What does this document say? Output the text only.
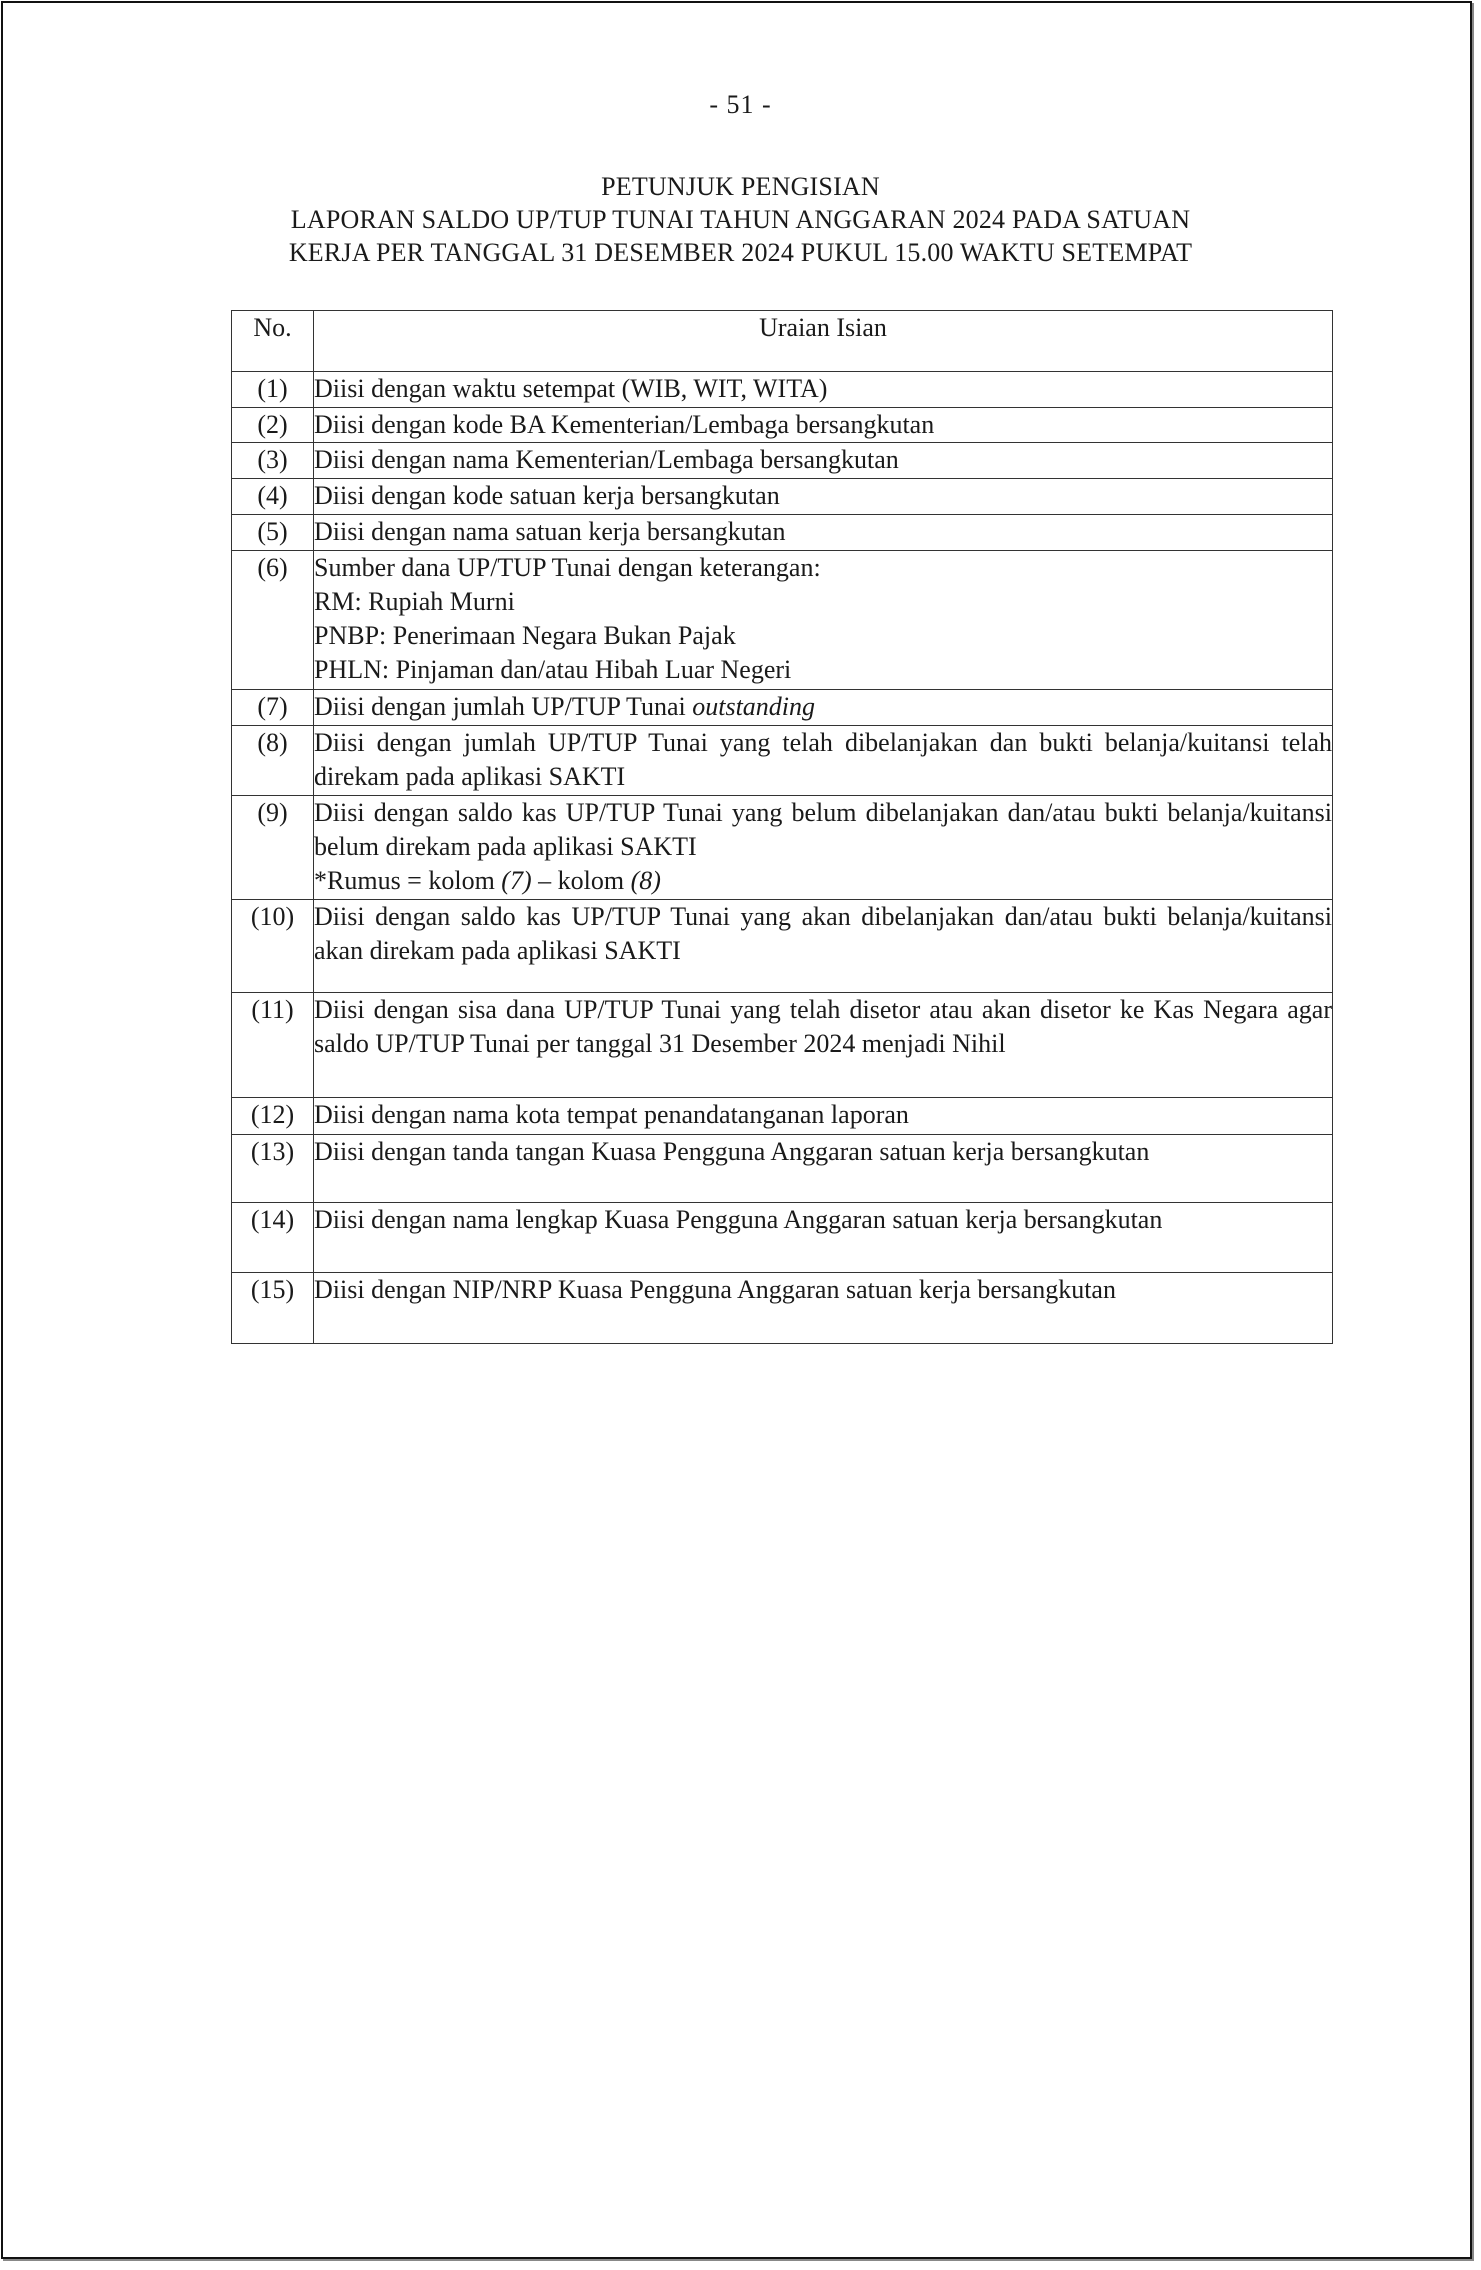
- 51 -
PETUNJUK PENGISIAN
LAPORAN SALDO UP/TUP TUNAI TAHUN ANGGARAN 2024 PADA SATUAN
KERJA PER TANGGAL 31 DESEMBER 2024 PUKUL 15.00 WAKTU SETEMPAT
No.	Uraian Isian
(1)	Diisi dengan waktu setempat (WIB, WIT, WITA)
(2)	Diisi dengan kode BA Kementerian/Lembaga bersangkutan
(3)	Diisi dengan nama Kementerian/Lembaga bersangkutan
(4)	Diisi dengan kode satuan kerja bersangkutan
(5)	Diisi dengan nama satuan kerja bersangkutan
(6)	Sumber dana UP/TUP Tunai dengan keterangan:
RM: Rupiah Murni
PNBP: Penerimaan Negara Bukan Pajak
PHLN: Pinjaman dan/atau Hibah Luar Negeri

(7)	Diisi dengan jumlah UP/TUP Tunai outstanding
(8)	Diisi dengan jumlah UP/TUP Tunai yang telah dibelanjakan dan bukti belanja/kuitansi telah direkam pada aplikasi SAKTI
(9)	Diisi dengan saldo kas UP/TUP Tunai yang belum dibelanjakan dan/atau bukti belanja/kuitansi belum direkam pada aplikasi SAKTI
*Rumus = kolom (7) – kolom (8)

(10)	Diisi dengan saldo kas UP/TUP Tunai yang akan dibelanjakan dan/atau bukti belanja/kuitansi akan direkam pada aplikasi SAKTI
(11)	Diisi dengan sisa dana UP/TUP Tunai yang telah disetor atau akan disetor ke Kas Negara agar saldo UP/TUP Tunai per tanggal 31 Desember 2024 menjadi Nihil
(12)	Diisi dengan nama kota tempat penandatanganan laporan
(13)	Diisi dengan tanda tangan Kuasa Pengguna Anggaran satuan kerja bersangkutan
(14)	Diisi dengan nama lengkap Kuasa Pengguna Anggaran satuan kerja bersangkutan
(15)	Diisi dengan NIP/NRP Kuasa Pengguna Anggaran satuan kerja bersangkutan
